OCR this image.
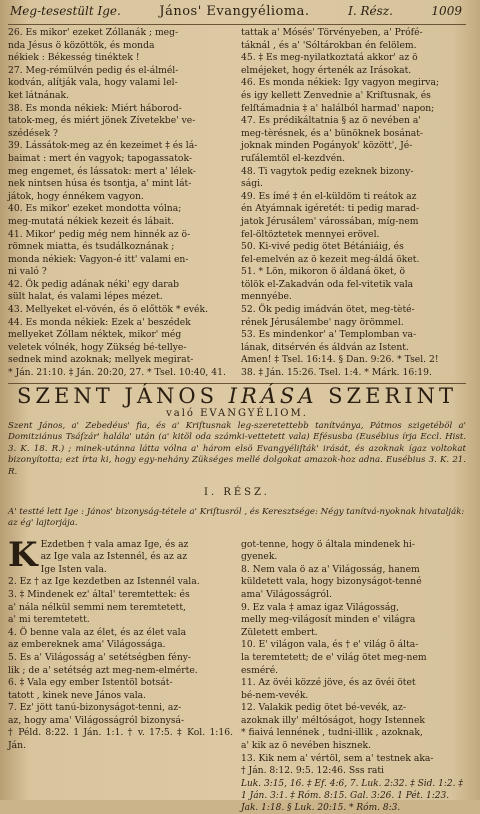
Meg-tesestült Ige.	János' Evangyélioma.	I. Rész.	1009

26. Es mikor' ezeket Zóllanák ; meg-

nda Jésus ö közöttök, és monda

nékiek : Békesség tinéktek !

27. Meg-rémülvén pedig és el-álmél-

kodván, alítják vala, hogy valami lel-

ket látnának.

38. Es monda nékiek: Miért háborod-

tatok-meg, és miért jönek Zívetekbe' ve-

szédések ?

39. Lássátok-meg az én kezeimet ‡ és lá-

baimat : mert én vagyok; tapogassatok-

meg engemet, és lássatok: mert a' lélek-

nek nintsen húsa és tsontja, a' mint lát-

játok, hogy énnékem vagyon.

40. Es mikor' ezeket mondotta vólna;

meg-mutatá nékiek kezeit és lábait.

41. Mikor' pedig még nem hinnék az ö-

römnek miatta, és tsudálkoznának ;

monda nékiek: Vagyon-é itt' valami en-

ni való ?

42. Ök pedig adának néki' egy darab

sült halat, és valami lépes mézet.

43. Mellyeket el-vövén, és ö előttök * evék.

44. Es monda nékiek: Ezek a' beszédek

mellyeket Zóllam néktek, mikor' még

veletek vólnék, hogy Zükség bé-tellye-

sednek mind azoknak; mellyek megirat-

* Ján. 21:10. ‡ Ján. 20:20, 27. * Tsel. 10:40, 41.

tattak a' Mósés' Törvényeben, a' Prófé-

táknál , és a' 'Sóltárokban én felölem.

45. ‡ Es meg-nyilatkoztatá akkor' az ö

elméjeket, hogy értenék az Irásokat.

46. Es monda nékiek: Igy vagyon megirva;

és igy kellett Zenvednie a' Kriſtusnak, és

felſtámadnia ‡ a' halálból harmad' napon;

47. Es prédikáltatnia § az ö nevében a'

meg-tèrésnek, és a' bünöknek bosánat-

joknak minden Pogányok' között', Jé-

ruſálemtöl el-kezdvén.

48. Ti vagytok pedig ezeknek bizony-

sági.

49. Es ímé ‡ én el-küldöm ti reátok az

én Atyámnak igéretét: ti pedig marad-

jatok Jérusálem' várossában, míg-nem

fel-öltöztetek mennyei erövel.

50. Ki-vivé pedig ötet Bétániáig, és

fel-emelvén az ö kezeit meg-áldá öket.

51. * Lön, mikoron ö áldaná öket, ö

tölök el-Zakadván oda fel-vitetik vala

mennyébe.

52. Ök pedig imádván ötet, meg-tèté-

rének Jérusálembe' nagy örömmel.

53. Es mindenkor' a' Templomban va-

lának, ditsérvén és áldván az Istent.

Amen! ‡ Tsel. 16:14. § Dan. 9:26. * Tsel. 2!

38. ‡ Ján. 15:26. Tsel. 1:4. * Márk. 16:19.

SZENT JÁNOS IRÁSA SZERINT
való EVANGYÉLIOM.

Szent János, a' Zebedéus' fia, és a' Kriſtusnak leg-szeretettebb tanítványa, Pátmos szigetéböl a' Domitziánus Tsáſzár' halála' után (a' kitöl oda számki-vettetett vala) Efésusba (Eusébius írja Eccl. Hist. 3. K. 18. R.) ; minek-utánna látta vólna a' három elsö Evangyéliſták' irását, és azoknak ígaz voltokat bizonyította; ezt írta ki, hogy egy-nehány Zükséges mellé dolgokat amazok-hoz adna. Eusébius 3. K. 21. R.

I. RÉSZ.

A' testté lett Ige : János' bizonyság-tétele a' Kriſtusról , és Keresztsége: Négy tanítvá-nyoknak hivatalják: az ég' lajtorjája.

K Ezdetben † vala amaz Ige, és az

az Ige vala az Istennél, és az az

Ige Isten vala.

2. Ez † az Ige kezdetben az Istennél vala.

3. ‡ Mindenek ez' által' teremtettek: és

a' nála nélkül semmi nem teremtetett,

a' mi teremtetett.

4. Ö benne vala az élet, és az élet vala

az embereknek ama' Világossága.

5. Es a' Világosság a' setétségben fény-

lik ; de a' setétség azt meg-nem-elmérte.

6. ‡ Vala egy ember Istentöl botsát-

tatott , kinek neve János vala.

7. Ez' jött tanú-bizonyságot-tenni, az-

az, hogy ama' Világosságról bizonysá-

† Péld. 8:22. 1 Ján. 1:1. † v. 17:5. ‡ Kol. 1:16. Ján.

got-tenne, hogy ö általa mindenek hi-

gyenek.

8. Nem vala ö az a' Világosság, hanem

küldetett vala, hogy bizonyságot-tenné

ama' Világosságról.

9. Ez vala ‡ amaz igaz Világosság,

melly meg-világosít minden e' világra

Zületett embert.

10. E' világon vala, és † e' világ ö álta-

la teremtetett; de e' világ ötet meg-nem

esméré.

11. Az övéi közzé jöve, és az övéi ötet

bé-nem-vevék.

12. Valakik pedig ötet bé-vevék, az-

azoknak illy' méltóságot, hogy Istennek

* fiaivá lennének , tudni-illik , azoknak,

a' kik az ö nevében hisznek.

13. Kik nem a' vértöl, sem a' testnek aka-

† Ján. 8:12. 9:5. 12:46. Sss rati

Luk. 3:15, 16. ‡ Ef. 4:6, 7. Luk. 2:32. ‡ Sid. 1:2. ‡ 1 Ján. 3:1. ‡ Róm. 8:15. Gal. 3:26. 1 Pét. 1:23. Jak. 1:18. § Luk. 20:15. * Róm. 8:3.
